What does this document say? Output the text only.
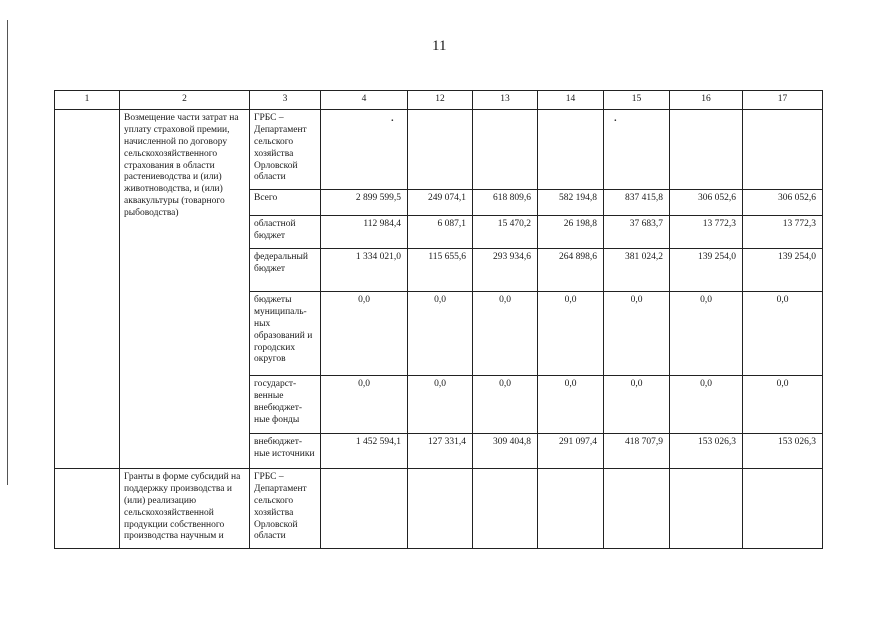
11
1	2	3	4	12	13	14	15	16	17
	Возмещение части затрат на уплату страховой премии, начисленной по договору сельскохозяйственного страхования в области растениеводства и (или) животноводства, и (или) аквакультуры (товарного рыбоводства)	ГРБС – Департамент сельского хозяйства Орловской области	·				·		
		Всего	2 899 599,5	249 074,1	618 809,6	582 194,8	837 415,8	306 052,6	306 052,6
		областной бюджет	112 984,4	6 087,1	15 470,2	26 198,8	37 683,7	13 772,3	13 772,3
		федеральный бюджет	1 334 021,0	115 655,6	293 934,6	264 898,6	381 024,2	139 254,0	139 254,0
		бюджеты муниципаль-ных образований и городских округов	0,0	0,0	0,0	0,0	0,0	0,0	0,0
		государст-венные внебюджет-ные фонды	0,0	0,0	0,0	0,0	0,0	0,0	0,0
		внебюджет-ные источники	1 452 594,1	127 331,4	309 404,8	291 097,4	418 707,9	153 026,3	153 026,3
	Гранты в форме субсидий на поддержку производства и (или) реализацию сельскохозяйственной продукции собственного производства научным и	ГРБС – Департамент сельского хозяйства Орловской области							
